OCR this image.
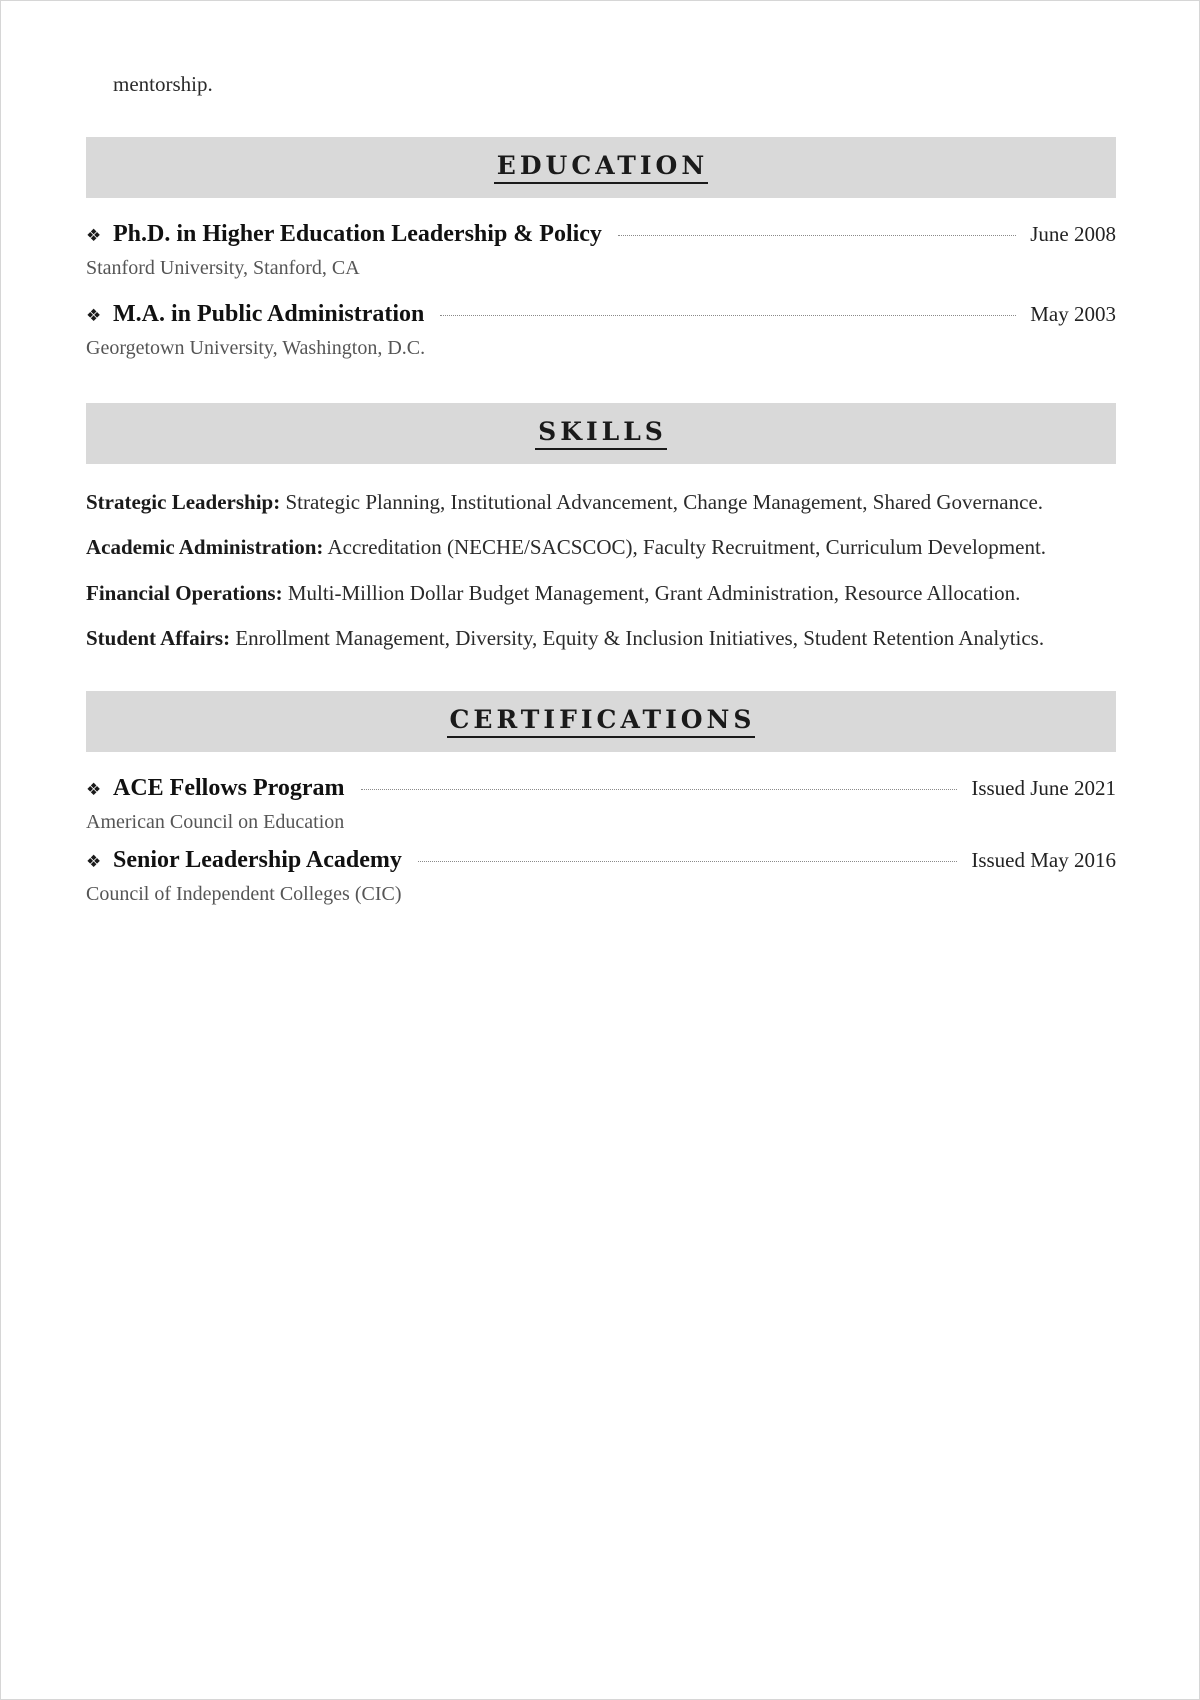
mentorship.

EDUCATION
❖ Ph.D. in Higher Education Leadership & Policy	June 2008
Stanford University, Stanford, CA
❖ M.A. in Public Administration	May 2003
Georgetown University, Washington, D.C.
SKILLS
Strategic Leadership: Strategic Planning, Institutional Advancement, Change Management, Shared Governance.
Academic Administration: Accreditation (NECHE/SACSCOC), Faculty Recruitment, Curriculum Development.
Financial Operations: Multi-Million Dollar Budget Management, Grant Administration, Resource Allocation.
Student Affairs: Enrollment Management, Diversity, Equity & Inclusion Initiatives, Student Retention Analytics.
CERTIFICATIONS
❖ ACE Fellows Program	Issued June 2021
American Council on Education
❖ Senior Leadership Academy	Issued May 2016
Council of Independent Colleges (CIC)
